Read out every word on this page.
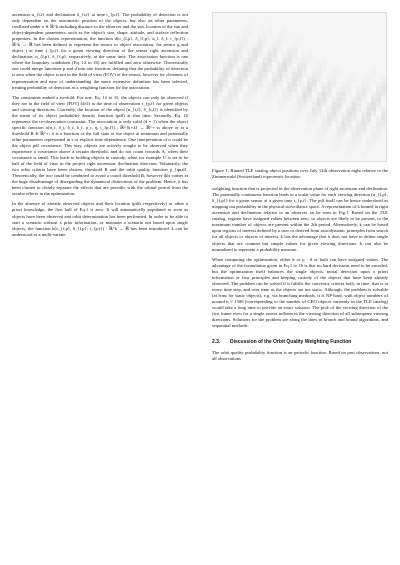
ascension α_{t,f} and declination δ_{t,f} at time t_{p,f}. The probability of detection is not only dependent on the astrometric position of the objects, but also on other parameters, conflated under o ∈ ℝ^k including distance to the observer and the sun, location of the sun and object-dependent parameters, such as the object's size, shape, attitude, and surface reflection properties. In the chosen representation, the function d(o_{f,p}, δ_{f,p}, α_f, δ_f, t_{p,f}) : ℝ^k → ℝ has been defined to represent the sensor to object association, for sensor g and object i at time t_{p,f} for a given viewing direction of the sensor right ascension and declination, α_{f,p}, δ_{f,p}, respectively, at the same time. The association function is one where the boundary conditions (Eq. 12 to 16) are fulfilled and zero otherwise. Theoretically one could merge functions p and d into one function, defining that the probability of detection is zero when the object is not in the field of view (FOV) of the sensor, however for clearness of representation and ease of understanding the more extensive definition has been selected, treating probability of detection as a weighting function for the association.

The constraints embed a twofold. For one, Eq. 12 to 15, the objects can only be observed if they are in the field of view (FOV) (dr/l) at the time of observation t_{p,f} for given objects and viewing directions. Currently, the location of the object (α_{t,f}, δ_{t,f}) is identified by the mean of its object probability density function (pdf) at that time. Secondly, Eq. 16 represents the re-observation constraint. The association is only valid (d = 1) when the object specific function σ(α_t, δ_t, δ_f, δ_f, ρ_t, η, t_{p,f}) : ℝ^{k+4} → ℝ^+ is above or at a threshold R ∈ ℝ^+; it is a function of the full state of the object at minimum and potentially other parameters represented in ε or explicit time dependence. One interpretation of σ could be the object pdf covariance. This way, objects are actively sought to be observed when they experience a covariance above a certain threshold, and do not count towards A, when their covariance is small. This leads to holding objects in custody, when for example U is set to be half of the field of view in the project right ascension, declination direction. Voluntarily, the two orbit criteria have been chosen, threshold R and the orbit quality function ρ_{qual}. Theoretically, the two could be combined to avoid a cutoff threshold R, however this comes at the huge disadvantage of disregarding the dynamical distinctions of the problem. Hence, it has been chosen to clearly separate the effects that are periodic with the orbital period from the secular effects in the optimization.

In the absence of already observed objects and their location (pdfs respectively) or other a priori knowledge, the first half of Eq.1 is zero. It will automatically populated as soon as objects have been observed and orbit determination has been performed. In order to be able to start a scenario without a prior information, or maintain a scenario not based upon single objects, the function k(o_{f,p}, δ_{f,p}, t_{p,f}) : ℝ^k → ℝ has been introduced. k can be understood as a multi-variate

Figure 1: Binned TLE catalog object positions over July 12th observation night relative to the Zimmerwald (Switzerland) topocentric location.

weighting function that is projected in the observation plane of right ascension and declination. The potentially continuous function leads to a scalar value for each viewing direction (α_{f,p}, δ_{f,p}) for a given sensor at a given time t_{p,f}. The pdf itself can be hence understood as mapping out probability in the physical surveillance space. A representation of k binned in right ascension and declination relative to an observer an be seen in Fig.1. Based on the TLE catalog, regions have assigned values between zero, so objects are likely to be present, to the maximum number of objects are present within the 2th period. Alternatively, k can be based upon regions of interest defined by a user or derived from astrodynamic principles from search for all objects or objects of interest. k has the advantage that it does not have to define single objects that are counted but simple values for given viewing directions. k can also be normalized to represent a probability measure.

When computing the optimization, either k or p · d or both can have assigned values. The advantage of the formulation given in Eq.1 to 16 is that no hard decisions need to be encoded, but the optimization itself balances the single objects, initial detection upon a priori information or first principles and keeping custody of the objects that have been already observed. The problem can be solved if it fulfills the convexity criteria both, in time, that is at every time step, and over time as the objects are not static. Although, the problem is solvable (at least for static objects), e.g. via branching methods, it is NP-hard, with object numbers of around n ≈ 1300 (corresponding to the number of GEO objects currently in the TLE catalog) would take a long time to provide an exact solution. The pick of the viewing direction of the first frame even for a single sensor influences the viewing direction of all subsequent viewing directions. Solutions for the problem are along the lines of branch and bound algorithms, and sequential methods.

2.3.	Discussion of the Orbit Quality Weighting Function

The orbit quality probability function is an periodic function. Based on past observations, not all observations
